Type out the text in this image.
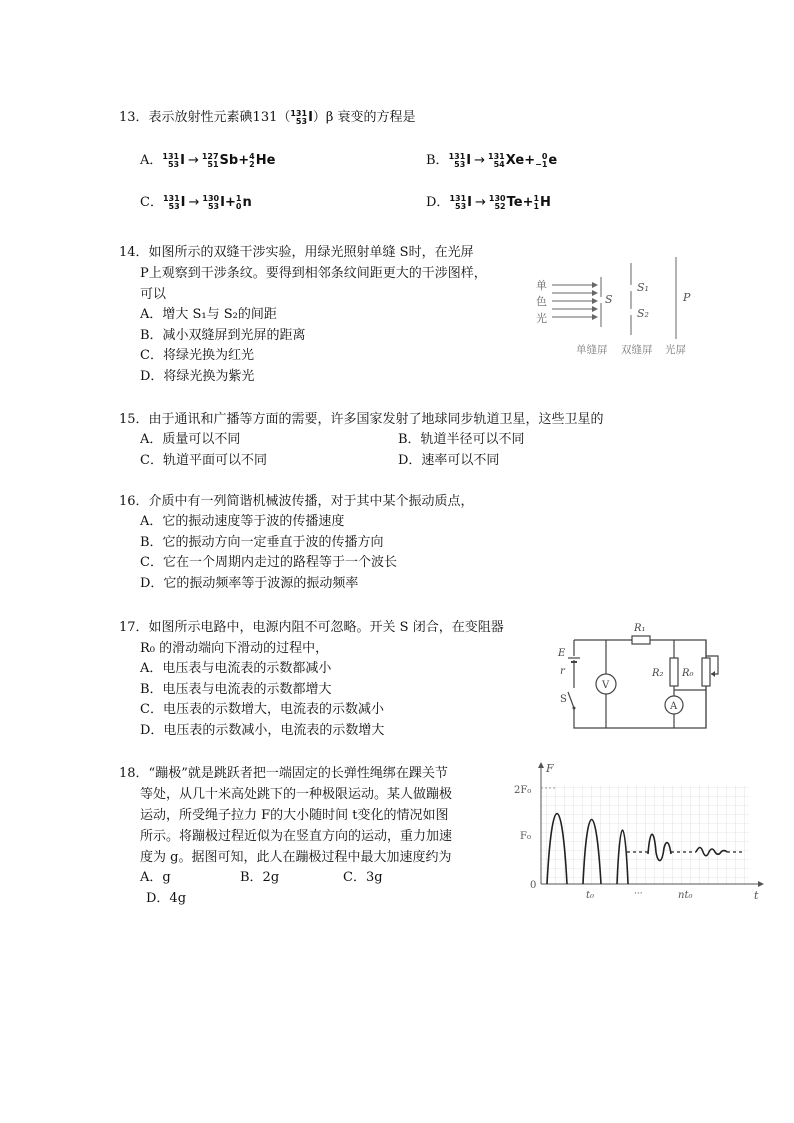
13．表示放射性元素碘131（ 131
53 I）β 衰变的方程是
A． 131
53 I → 127
51 Sb+ 4
2 He	B． 131
53 I → 131
54 Xe+ 0
−1 e
C． 131
53 I → 130
53 I+ 1
0 n	D． 131
53 I → 130
52 Te+ 1
1 H
14．如图所示的双缝干涉实验，用绿光照射单缝 S时，在光屏
P上观察到干涉条纹。要得到相邻条纹间距更大的干涉图样，
可以
A．增大 S₁与 S₂的间距
B．减小双缝屏到光屏的距离
C．将绿光换为红光
D．将绿光换为紫光
单
色
光
S
S₁
S₂
P
单缝屏 双缝屏 光屏
15．由于通讯和广播等方面的需要，许多国家发射了地球同步轨道卫星，这些卫星的
A．质量可以不同	B．轨道半径可以不同
C．轨道平面可以不同	D．速率可以不同
16．介质中有一列简谐机械波传播，对于其中某个振动质点，
A．它的振动速度等于波的传播速度
B．它的振动方向一定垂直于波的传播方向
C．它在一个周期内走过的路程等于一个波长
D．它的振动频率等于波源的振动频率
17．如图所示电路中，电源内阻不可忽略。开关 S 闭合，在变阻器
R₀ 的滑动端向下滑动的过程中，
A．电压表与电流表的示数都减小
B．电压表与电流表的示数都增大
C．电压表的示数增大，电流表的示数减小
D．电压表的示数减小，电流表的示数增大
R₁
E
r
V
R₂ R₀
A
S
18．“蹦极”就是跳跃者把一端固定的长弹性绳绑在踝关节
等处，从几十米高处跳下的一种极限运动。某人做蹦极
运动，所受绳子拉力 F的大小随时间 t变化的情况如图
所示。将蹦极过程近似为在竖直方向的运动，重力加速
度为 g。据图可知，此人在蹦极过程中最大加速度约为
A．g	B．2g	C．3g
D．4g
F
t
2F₀
F₀
0
t₀	···	nt₀
